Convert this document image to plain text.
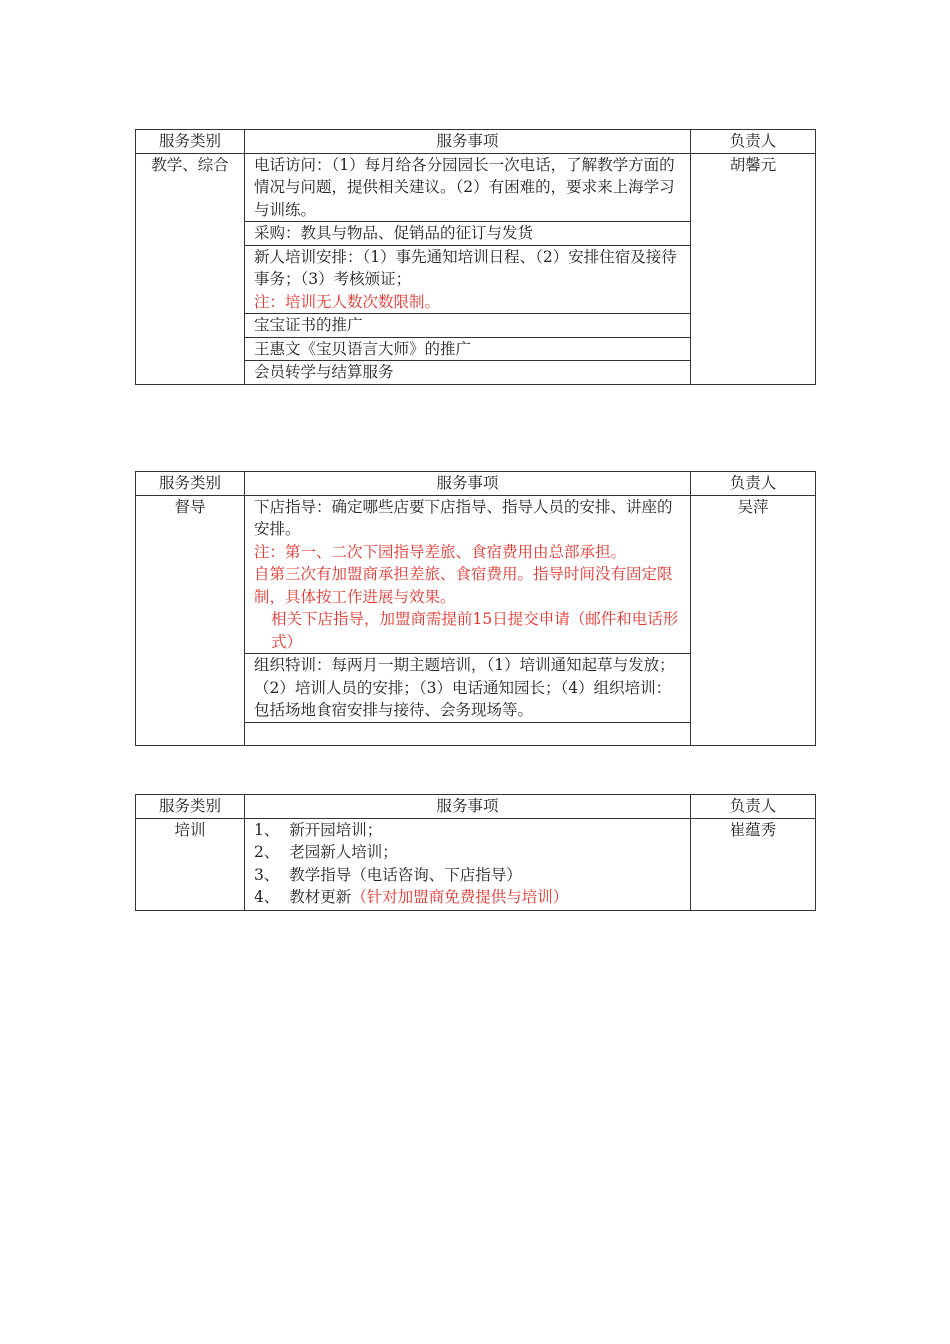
服务类别	服务事项	负责人
教学、综合	电话访问：（1）每月给各分园园长一次电话，了解教学方面的情况与问题，提供相关建议。（2）有困难的，要求来上海学习与训练。	胡馨元
	采购：教具与物品、促销品的征订与发货	

	新人培训安排：（1）事先通知培训日程、（2）安排住宿及接待事务；（3）考核颁证；
注：培训无人数次数限制。	

	宝宝证书的推广	
	王惠文《宝贝语言大师》的推广	
	会员转学与结算服务	
服务类别	服务事项	负责人
督导	下店指导：确定哪些店要下店指导、指导人员的安排、讲座的安排。
注：第一、二次下园指导差旅、食宿费用由总部承担。
自第三次有加盟商承担差旅、食宿费用。指导时间没有固定限制，具体按工作进展与效果。
相关下店指导，加盟商需提前15日提交申请（邮件和电话形式）	吴萍
	组织特训：每两月一期主题培训，（1）培训通知起草与发放；（2）培训人员的安排；（3）电话通知园长；（4）组织培训：包括场地食宿安排与接待、会务现场等。	

服务类别	服务事项	负责人
培训	1、 新开园培训；
2、 老园新人培训；
3、 教学指导（电话咨询、下店指导）
4、 教材更新（针对加盟商免费提供与培训）	崔蕴秀
